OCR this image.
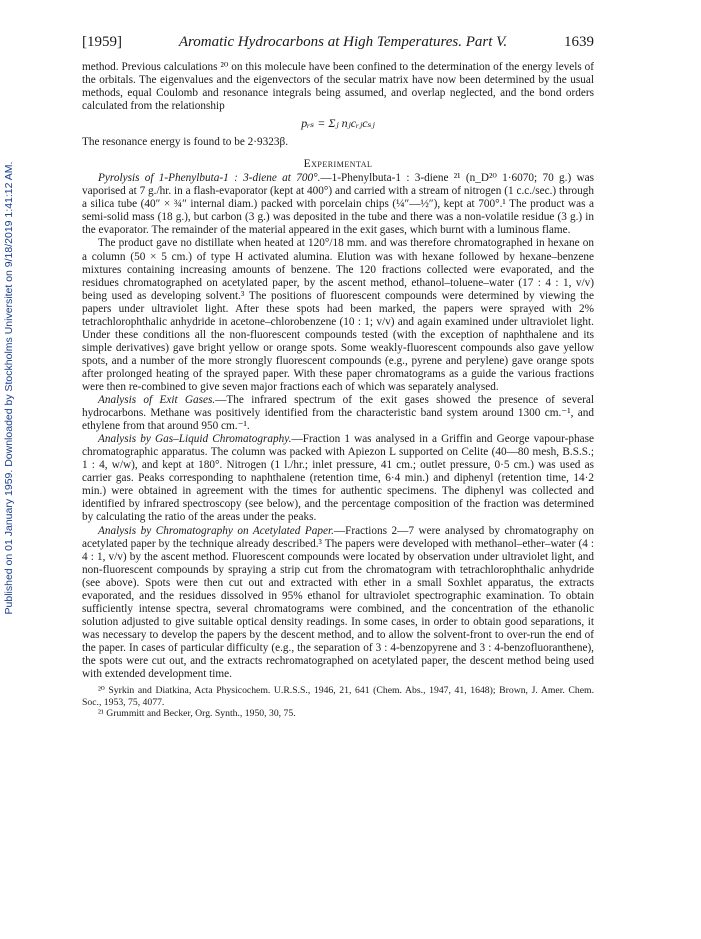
Published on 01 January 1959. Downloaded by Stockholms Universitet on 9/18/2019 1:41:12 AM.
[1959]	Aromatic Hydrocarbons at High Temperatures. Part V.	1639

method. Previous calculations ²⁰ on this molecule have been confined to the determination of the energy levels of the orbitals. The eigenvalues and the eigenvectors of the secular matrix have now been determined by the usual methods, equal Coulomb and resonance integrals being assumed, and overlap neglected, and the bond orders calculated from the relationship

pᵣₛ = Σⱼ nⱼcᵣⱼcₛⱼ

The resonance energy is found to be 2·9323β.

Experimental

Pyrolysis of 1-Phenylbuta-1 : 3-diene at 700°.—1-Phenylbuta-1 : 3-diene ²¹ (n_D²⁰ 1·6070; 70 g.) was vaporised at 7 g./hr. in a flash-evaporator (kept at 400°) and carried with a stream of nitrogen (1 c.c./sec.) through a silica tube (40″ × ¾″ internal diam.) packed with porcelain chips (¼″—½″), kept at 700°.¹ The product was a semi-solid mass (18 g.), but carbon (3 g.) was deposited in the tube and there was a non-volatile residue (3 g.) in the evaporator. The remainder of the material appeared in the exit gases, which burnt with a luminous flame.

The product gave no distillate when heated at 120°/18 mm. and was therefore chromatographed in hexane on a column (50 × 5 cm.) of type H activated alumina. Elution was with hexane followed by hexane–benzene mixtures containing increasing amounts of benzene. The 120 fractions collected were evaporated, and the residues chromatographed on acetylated paper, by the ascent method, ethanol–toluene–water (17 : 4 : 1, v/v) being used as developing solvent.³ The positions of fluorescent compounds were determined by viewing the papers under ultraviolet light. After these spots had been marked, the papers were sprayed with 2% tetrachlorophthalic anhydride in acetone–chlorobenzene (10 : 1; v/v) and again examined under ultraviolet light. Under these conditions all the non-fluorescent compounds tested (with the exception of naphthalene and its simple derivatives) gave bright yellow or orange spots. Some weakly-fluorescent compounds also gave yellow spots, and a number of the more strongly fluorescent compounds (e.g., pyrene and perylene) gave orange spots after prolonged heating of the sprayed paper. With these paper chromatograms as a guide the various fractions were then re-combined to give seven major fractions each of which was separately analysed.

Analysis of Exit Gases.—The infrared spectrum of the exit gases showed the presence of several hydrocarbons. Methane was positively identified from the characteristic band system around 1300 cm.⁻¹, and ethylene from that around 950 cm.⁻¹.

Analysis by Gas–Liquid Chromatography.—Fraction 1 was analysed in a Griffin and George vapour-phase chromatographic apparatus. The column was packed with Apiezon L supported on Celite (40—80 mesh, B.S.S.; 1 : 4, w/w), and kept at 180°. Nitrogen (1 l./hr.; inlet pressure, 41 cm.; outlet pressure, 0·5 cm.) was used as carrier gas. Peaks corresponding to naphthalene (retention time, 6·4 min.) and diphenyl (retention time, 14·2 min.) were obtained in agreement with the times for authentic specimens. The diphenyl was collected and identified by infrared spectroscopy (see below), and the percentage composition of the fraction was determined by calculating the ratio of the areas under the peaks.

Analysis by Chromatography on Acetylated Paper.—Fractions 2—7 were analysed by chromatography on acetylated paper by the technique already described.³ The papers were developed with methanol–ether–water (4 : 4 : 1, v/v) by the ascent method. Fluorescent compounds were located by observation under ultraviolet light, and non-fluorescent compounds by spraying a strip cut from the chromatogram with tetrachlorophthalic anhydride (see above). Spots were then cut out and extracted with ether in a small Soxhlet apparatus, the extracts evaporated, and the residues dissolved in 95% ethanol for ultraviolet spectrographic examination. To obtain sufficiently intense spectra, several chromatograms were combined, and the concentration of the ethanolic solution adjusted to give suitable optical density readings. In some cases, in order to obtain good separations, it was necessary to develop the papers by the descent method, and to allow the solvent-front to over-run the end of the paper. In cases of particular difficulty (e.g., the separation of 3 : 4-benzopyrene and 3 : 4-benzofluoranthene), the spots were cut out, and the extracts rechromatographed on acetylated paper, the descent method being used with extended development time.

²⁰ Syrkin and Diatkina, Acta Physicochem. U.R.S.S., 1946, 21, 641 (Chem. Abs., 1947, 41, 1648); Brown, J. Amer. Chem. Soc., 1953, 75, 4077.

²¹ Grummitt and Becker, Org. Synth., 1950, 30, 75.
